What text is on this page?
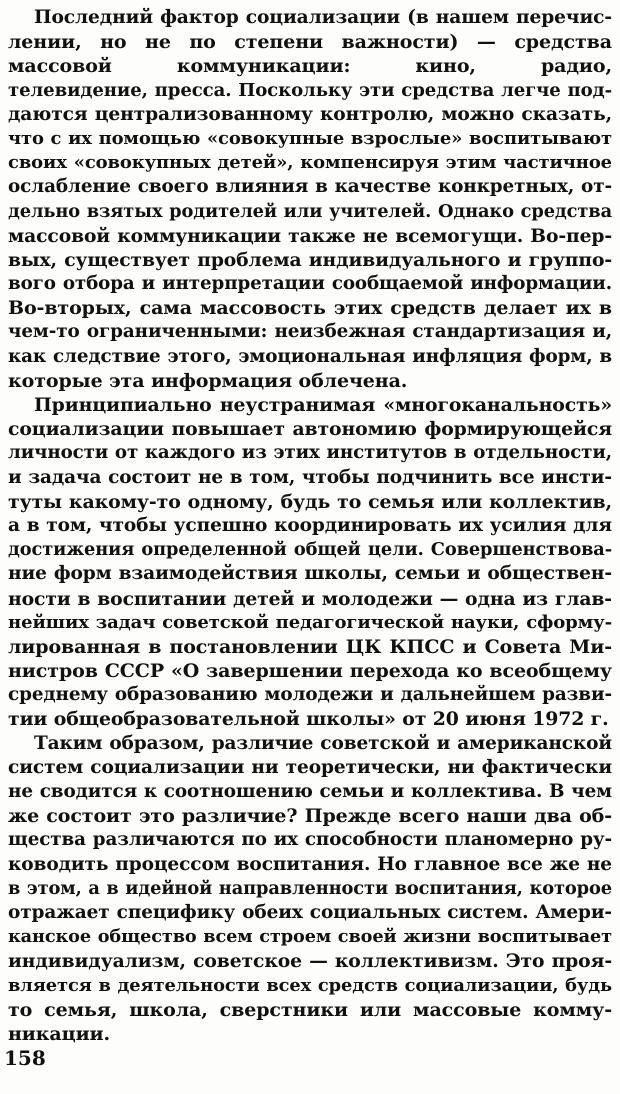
Последний фактор социализации (в нашем перечис-
лении, но не по степени важности) — средства
массовой коммуникации: кино, радио,
телевидение, пресса. Поскольку эти средства легче под-
даются централизованному контролю, можно сказать,
что с их помощью «совокупные взрослые» воспитывают
своих «совокупных детей», компенсируя этим частичное
ослабление своего влияния в качестве конкретных, от-
дельно взятых родителей или учителей. Однако средства
массовой коммуникации также не всемогущи. Во-пер-
вых, существует проблема индивидуального и группо-
вого отбора и интерпретации сообщаемой информации.
Во-вторых, сама массовость этих средств делает их в
чем-то ограниченными: неизбежная стандартизация и,
как следствие этого, эмоциональная инфляция форм, в
которые эта информация облечена.
Принципиально неустранимая «многоканальность»
социализации повышает автономию формирующейся
личности от каждого из этих институтов в отдельности,
и задача состоит не в том, чтобы подчинить все инсти-
туты какому-то одному, будь то семья или коллектив,
а в том, чтобы успешно координировать их усилия для
достижения определенной общей цели. Совершенствова-
ние форм взаимодействия школы, семьи и обществен-
ности в воспитании детей и молодежи — одна из глав-
нейших задач советской педагогической науки, сформу-
лированная в постановлении ЦК КПСС и Совета Ми-
нистров СССР «О завершении перехода ко всеобщему
среднему образованию молодежи и дальнейшем разви-
тии общеобразовательной школы» от 20 июня 1972 г.
Таким образом, различие советской и американской
систем социализации ни теоретически, ни фактически
не сводится к соотношению семьи и коллектива. В чем
же состоит это различие? Прежде всего наши два об-
щества различаются по их способности планомерно ру-
ководить процессом воспитания. Но главное все же не
в этом, а в идейной направленности воспитания, которое
отражает специфику обеих социальных систем. Амери-
канское общество всем строем своей жизни воспитывает
индивидуализм, советское — коллективизм. Это проя-
вляется в деятельности всех средств социализации, будь
то семья, школа, сверстники или массовые комму-
никации.
158
